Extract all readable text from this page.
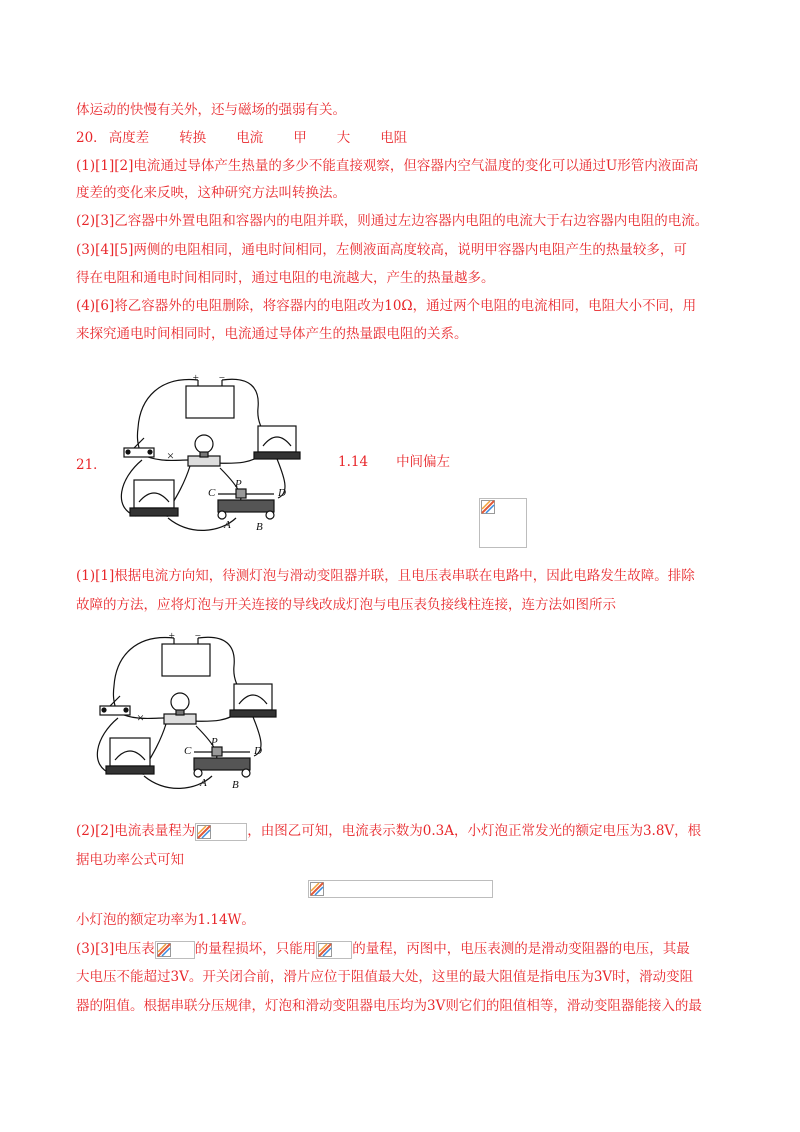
体运动的快慢有关外，还与磁场的强弱有关。
20． 高度差 转换 电流 甲 大 电阻
(1)[1][2]电流通过导体产生热量的多少不能直接观察，但容器内空气温度的变化可以通过U形管内液面高
度差的变化来反映，这种研究方法叫转换法。
(2)[3]乙容器中外置电阻和容器内的电阻并联，则通过左边容器内电阻的电流大于右边容器内电阻的电流。
(3)[4][5]两侧的电阻相同，通电时间相同，左侧液面高度较高，说明甲容器内电阻产生的热量较多，可
得在电阻和通电时间相同时，通过电阻的电流越大，产生的热量越多。
(4)[6]将乙容器外的电阻删除，将容器内的电阻改为10Ω，通过两个电阻的电流相同，电阻大小不同，用
来探究通电时间相同时，电流通过导体产生的热量跟电阻的关系。
21．
+ −
×
C
P
D
A B
1.14 中间偏左
(1)[1]根据电流方向知，待测灯泡与滑动变阻器并联，且电压表串联在电路中，因此电路发生故障。排除
故障的方法，应将灯泡与开关连接的导线改成灯泡与电压表负接线柱连接，连方法如图所示
+ −
×
C
P
D
A B
(2)[2]电流表量程为	，由图乙可知，电流表示数为0.3A，小灯泡正常发光的额定电压为3.8V，根
据电功率公式可知
小灯泡的额定功率为1.14W。
(3)[3]电压表	的量程损坏，只能用	的量程，丙图中，电压表测的是滑动变阻器的电压，其最
大电压不能超过3V。开关闭合前，滑片应位于阻值最大处，这里的最大阻值是指电压为3V时，滑动变阻
器的阻值。根据串联分压规律，灯泡和滑动变阻器电压均为3V则它们的阻值相等，滑动变阻器能接入的最
